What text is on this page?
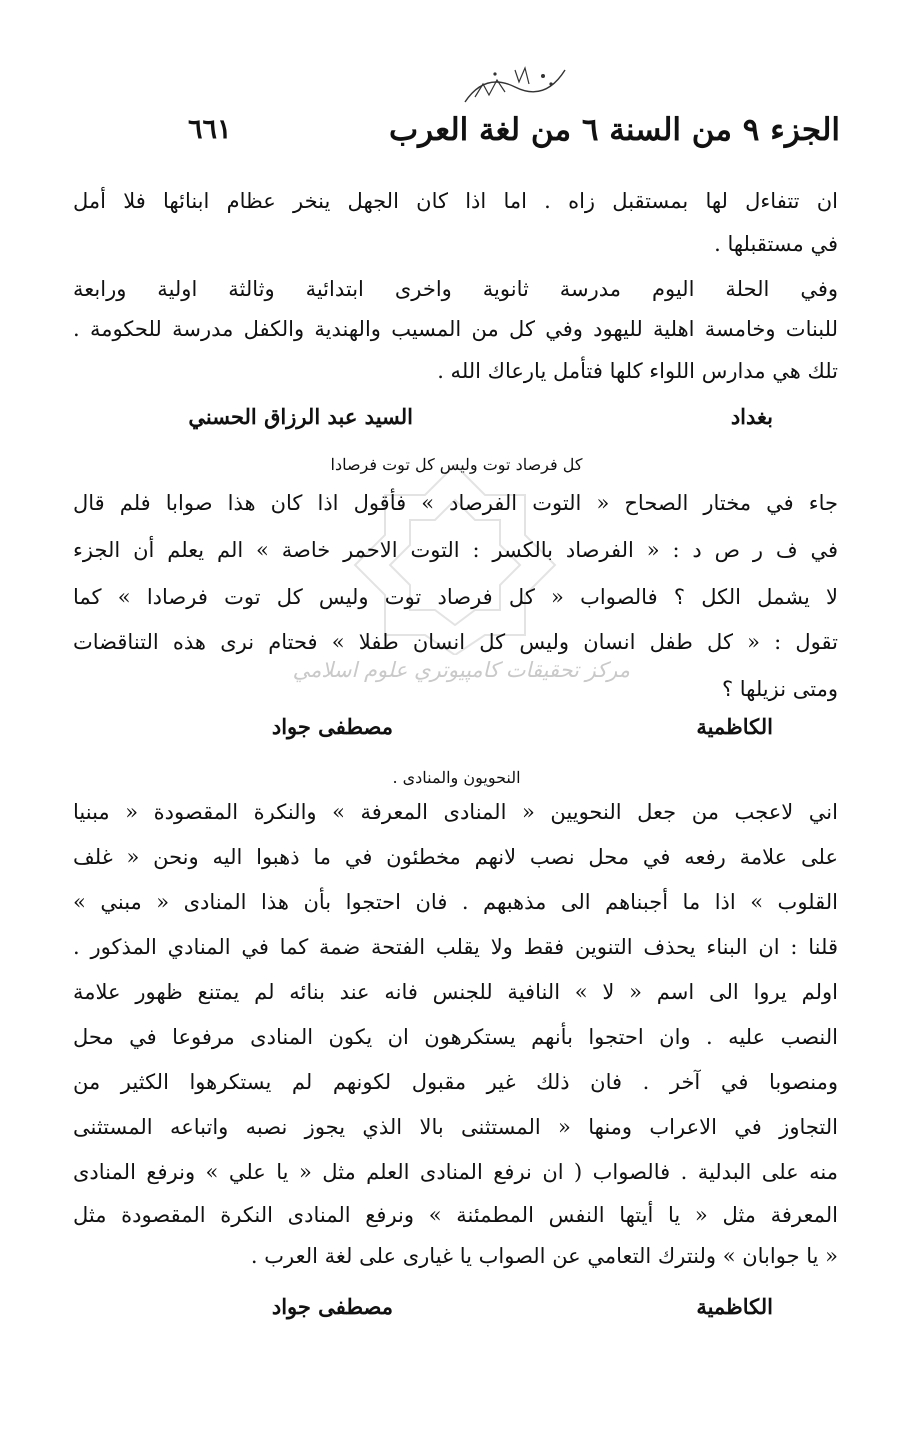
الجزء ٩ من السنة ٦ من لغة العرب
٦٦١
مركز تحقيقات كامپيوتري علوم اسلامي
ان تتفاءل لها بمستقبل زاه . اما اذا كان الجهل ينخر عظام ابنائها فلا أمل
في مستقبلها .
وفي الحلة اليوم مدرسة ثانوية واخرى ابتدائية وثالثة اولية ورابعة
للبنات وخامسة اهلية لليهود وفي كل من المسيب والهندية والكفل مدرسة للحكومة .
تلك هي مدارس اللواء كلها فتأمل يارعاك الله .
بغداد
السيد عبد الرزاق الحسني
كل فرصاد توت وليس كل توت فرصادا
جاء في مختار الصحاح « التوت الفرصاد » فأقول اذا كان هذا صوابا فلم قال
في ف ر ص د : « الفرصاد بالكسر : التوت الاحمر خاصة » الم يعلم أن الجزء
لا يشمل الكل ؟ فالصواب « كل فرصاد توت وليس كل توت فرصادا » كما
تقول : « كل طفل انسان وليس كل انسان طفلا » فحتام نرى هذه التناقضات
ومتى نزيلها ؟
الكاظمية
مصطفى جواد
النحويون والمنادى .
اني لاعجب من جعل النحويين « المنادى المعرفة » والنكرة المقصودة « مبنيا
على علامة رفعه في محل نصب لانهم مخطئون في ما ذهبوا اليه ونحن « غلف
القلوب » اذا ما أجبناهم الى مذهبهم . فان احتجوا بأن هذا المنادى « مبني »
قلنا : ان البناء يحذف التنوين فقط ولا يقلب الفتحة ضمة كما في المنادي المذكور .
اولم يروا الى اسم « لا » النافية للجنس فانه عند بنائه لم يمتنع ظهور علامة
النصب عليه . وان احتجوا بأنهم يستكرهون ان يكون المنادى مرفوعا في محل
ومنصوبا في آخر . فان ذلك غير مقبول لكونهم لم يستكرهوا الكثير من
التجاوز في الاعراب ومنها « المستثنى بالا الذي يجوز نصبه واتباعه المستثنى
منه على البدلية . فالصواب ( ان نرفع المنادى العلم مثل « يا علي » ونرفع المنادى
المعرفة مثل « يا أيتها النفس المطمئنة » ونرفع المنادى النكرة المقصودة مثل
« يا جوابان » ولنترك التعامي عن الصواب يا غيارى على لغة العرب .
الكاظمية
مصطفى جواد
